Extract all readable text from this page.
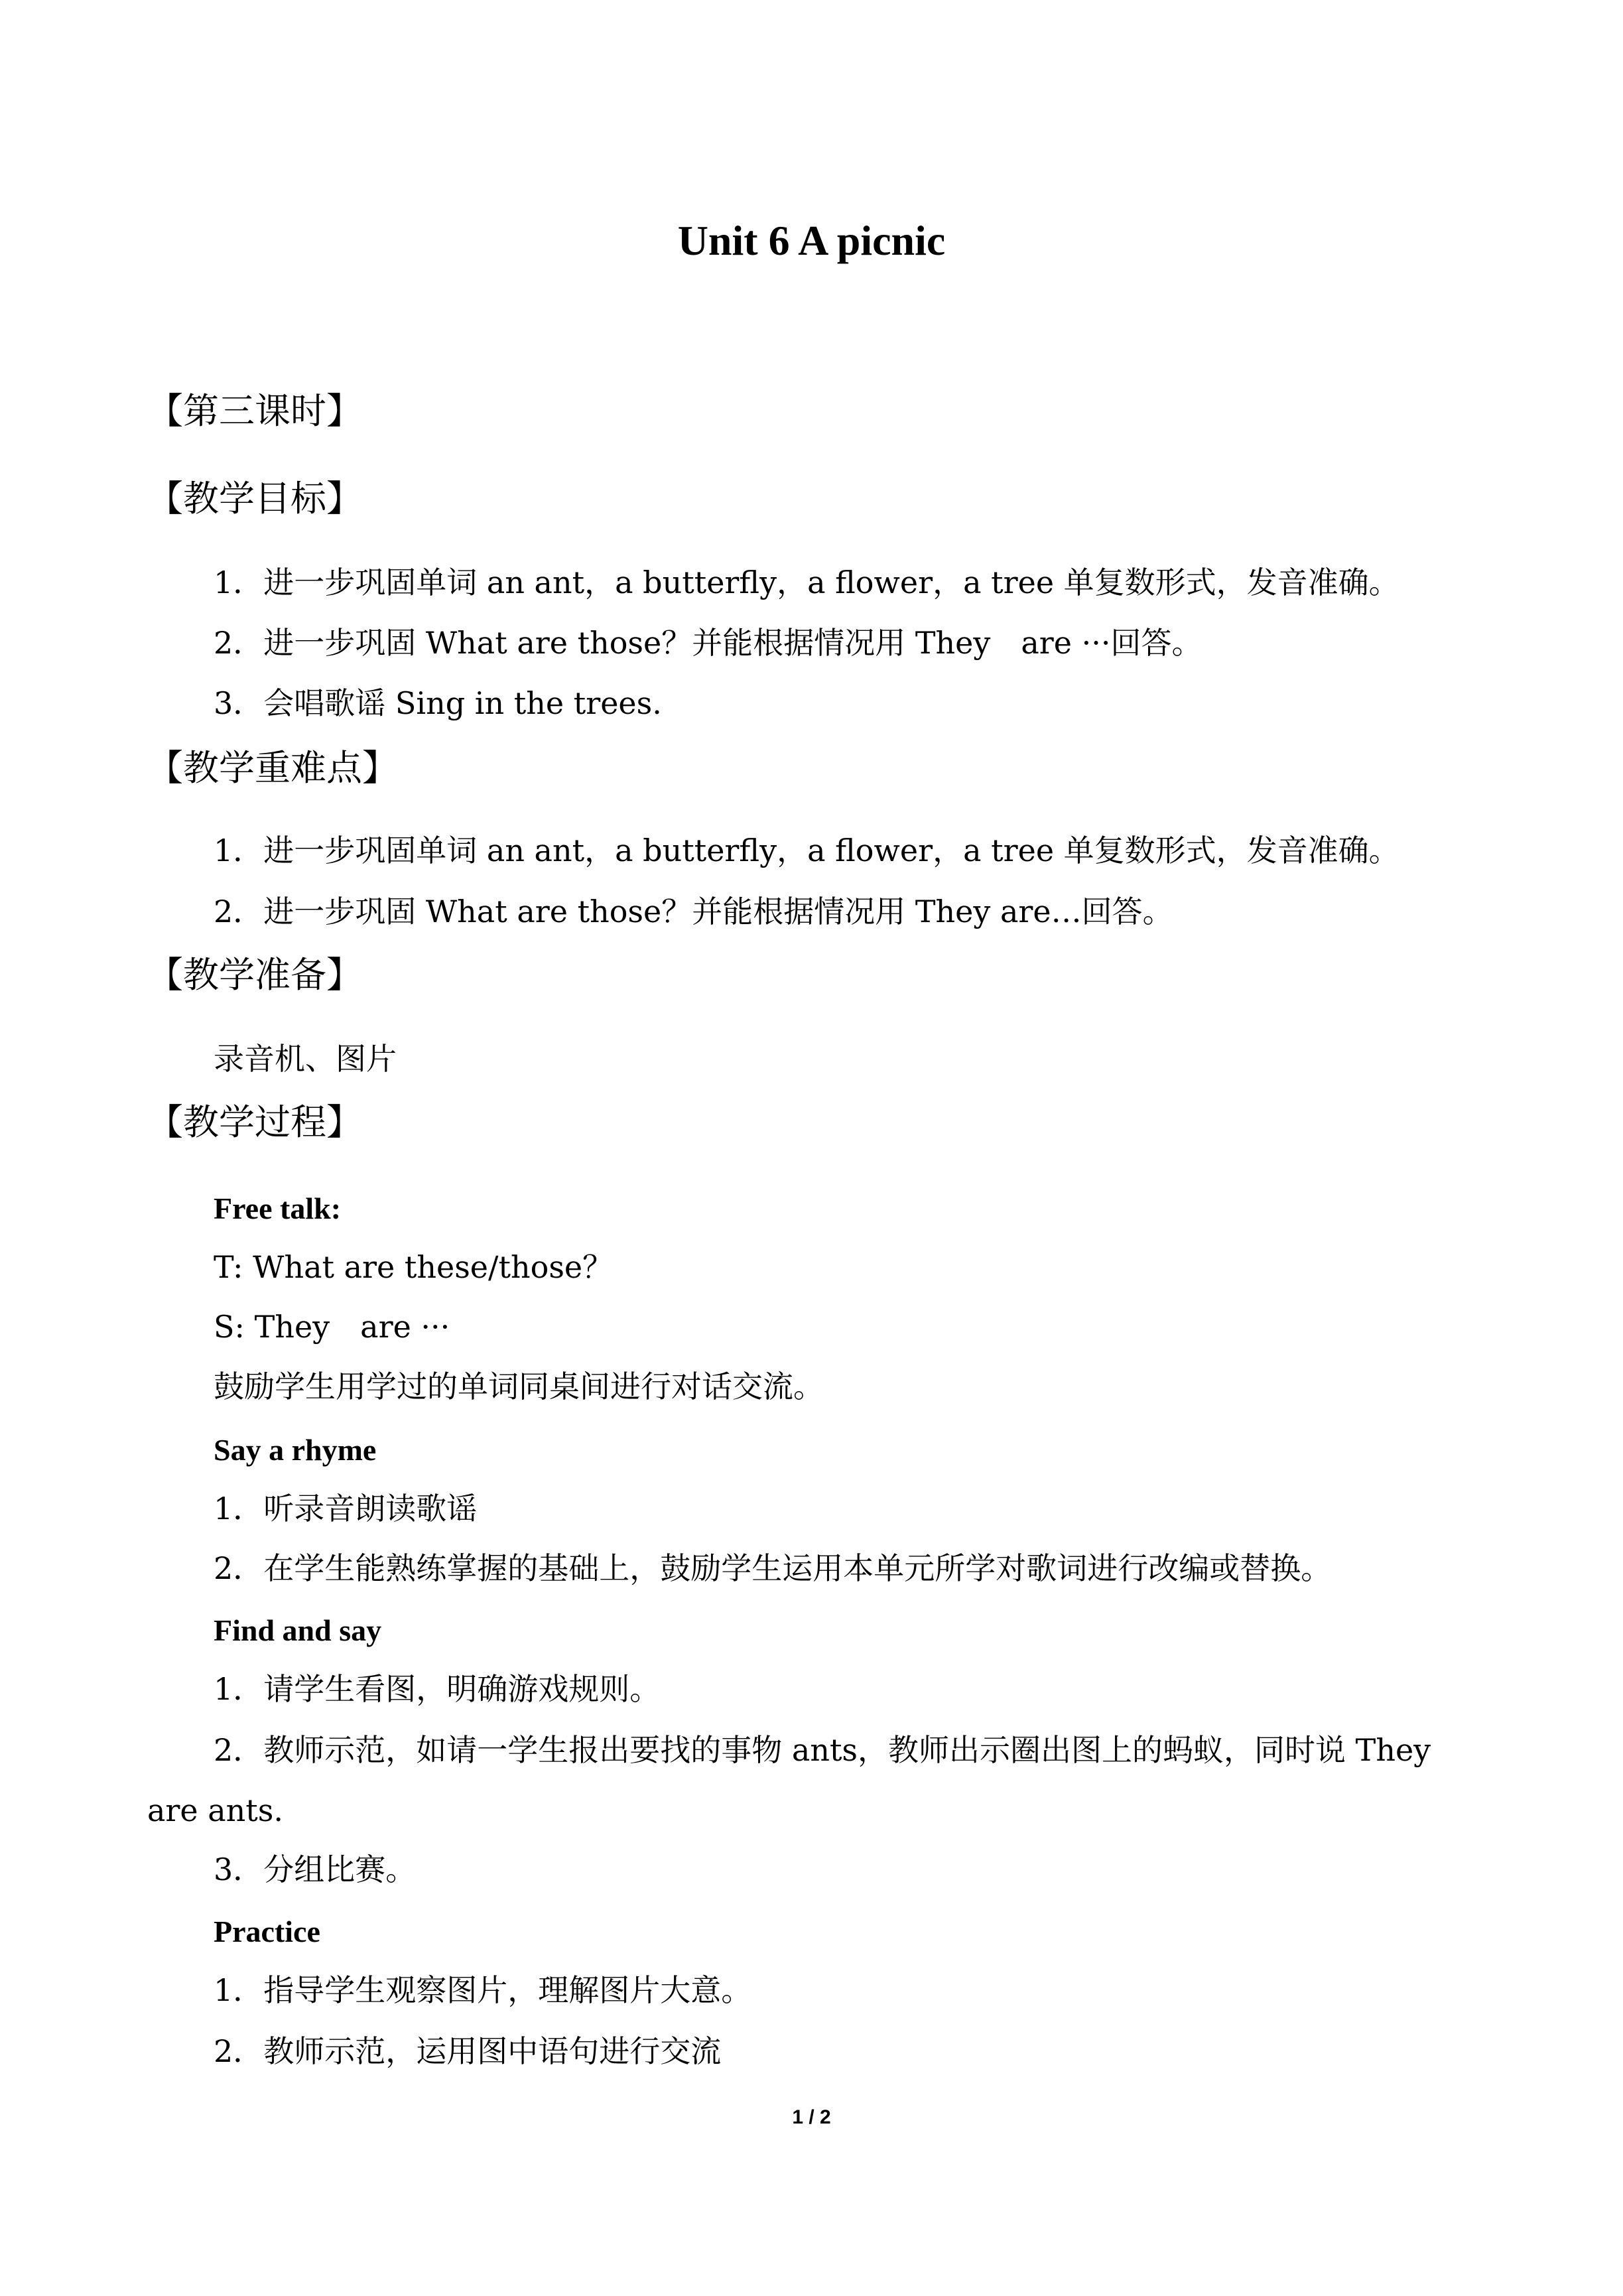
Unit 6 A picnic
【第三课时】
【教学目标】
1．进一步巩固单词 an ant，a butterfly，a flower，a tree 单复数形式，发音准确。
2．进一步巩固 What are those？并能根据情况用 They　are ···回答。
3．会唱歌谣 Sing in the trees.
【教学重难点】
1．进一步巩固单词 an ant，a butterfly，a flower，a tree 单复数形式，发音准确。
2．进一步巩固 What are those？并能根据情况用 They are…回答。
【教学准备】
录音机、图片
【教学过程】
Free talk:
T: What are these/those？
S: They　are ···
鼓励学生用学过的单词同桌间进行对话交流。
Say a rhyme
1．听录音朗读歌谣
2．在学生能熟练掌握的基础上，鼓励学生运用本单元所学对歌词进行改编或替换。
Find and say
1．请学生看图，明确游戏规则。
2．教师示范，如请一学生报出要找的事物 ants，教师出示圈出图上的蚂蚁，同时说 They
are ants.
3．分组比赛。
Practice
1．指导学生观察图片，理解图片大意。
2．教师示范，运用图中语句进行交流
1 / 2
